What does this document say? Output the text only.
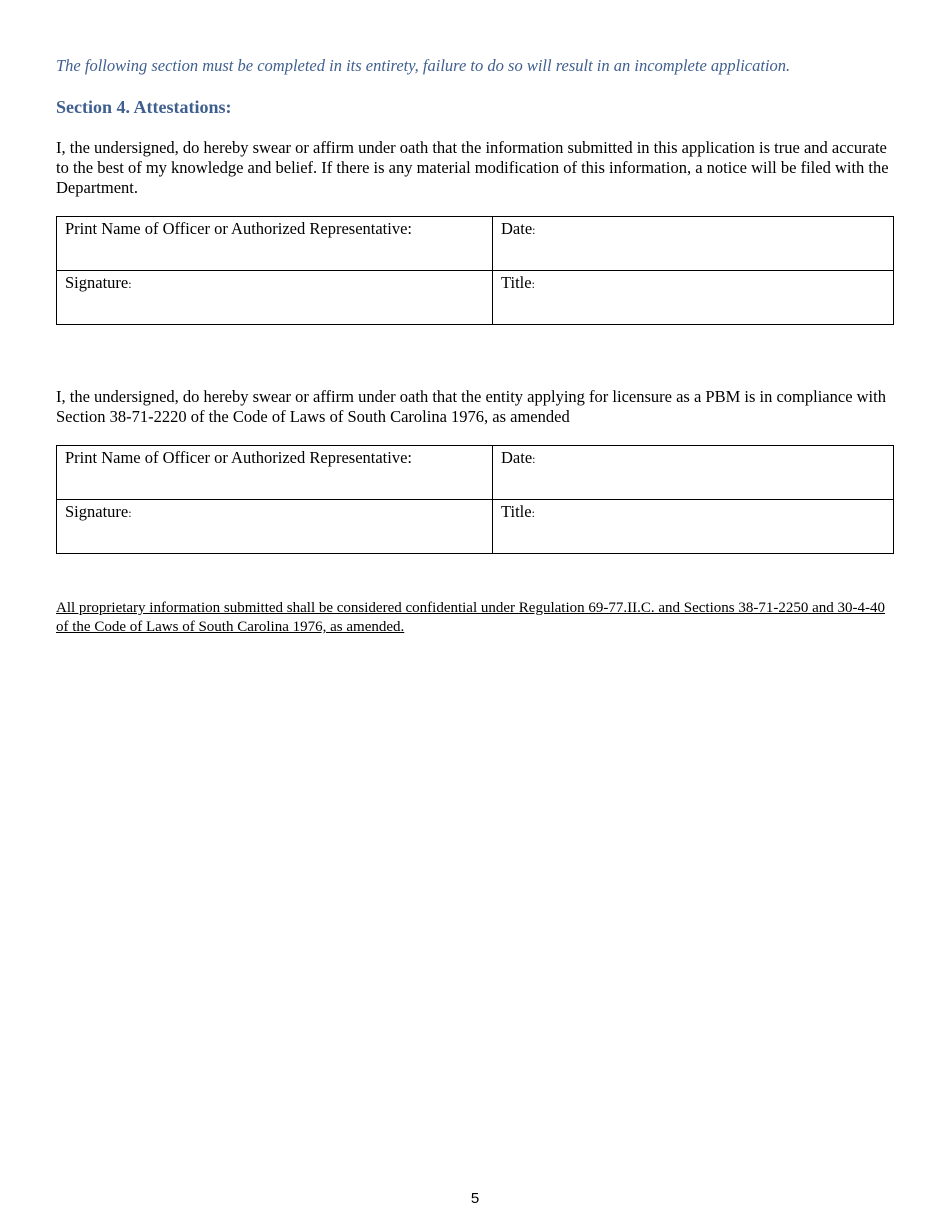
The following section must be completed in its entirety, failure to do so will result in an incomplete application.
Section 4. Attestations:
I, the undersigned, do hereby swear or affirm under oath that the information submitted in this application is true and accurate to the best of my knowledge and belief. If there is any material modification of this information, a notice will be filed with the Department.
Print Name of Officer or Authorized Representative:	Date:
Signature:	Title:
I, the undersigned, do hereby swear or affirm under oath that the entity applying for licensure as a PBM is in compliance with Section 38-71-2220 of the Code of Laws of South Carolina 1976, as amended
Print Name of Officer or Authorized Representative:	Date:
Signature:	Title:
All proprietary information submitted shall be considered confidential under Regulation 69-77.II.C. and Sections 38-71-2250 and 30-4-40 of the Code of Laws of South Carolina 1976, as amended.
5
